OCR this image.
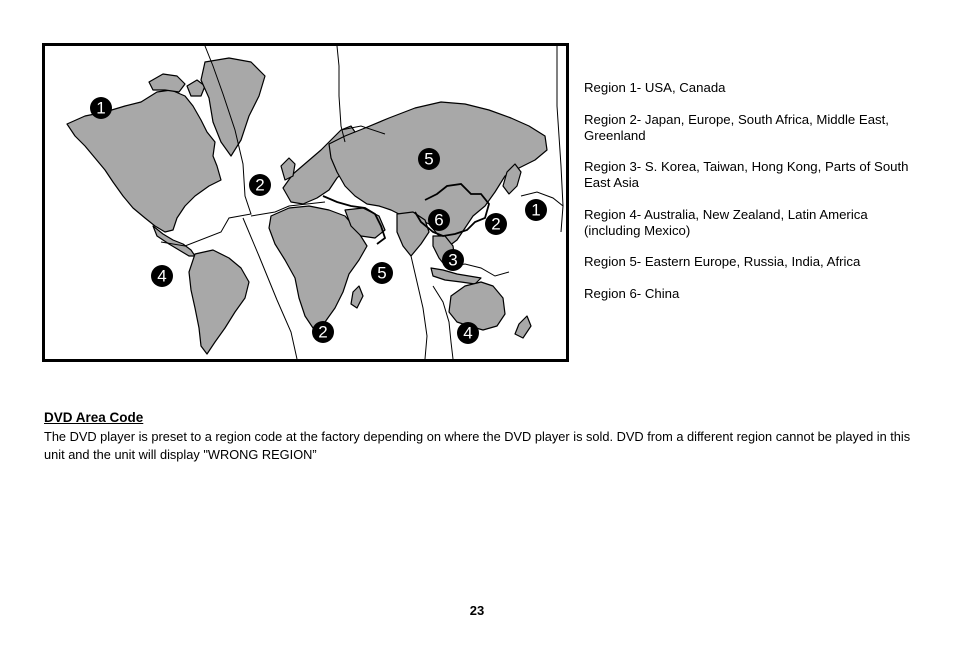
1
2
5
1
2
6
3
4	5
2	4
Region 1- USA, Canada
Region 2- Japan, Europe, South Africa, Middle East, Greenland
Region 3- S. Korea, Taiwan, Hong Kong, Parts of South East Asia
Region 4- Australia, New Zealand, Latin America (including Mexico)
Region 5- Eastern Europe, Russia, India, Africa
Region 6- China
DVD Area Code

The DVD player is preset to a region code at the factory depending on where the DVD player is sold. DVD from a different region cannot be played in this unit and the unit will display "WRONG REGION”

23
